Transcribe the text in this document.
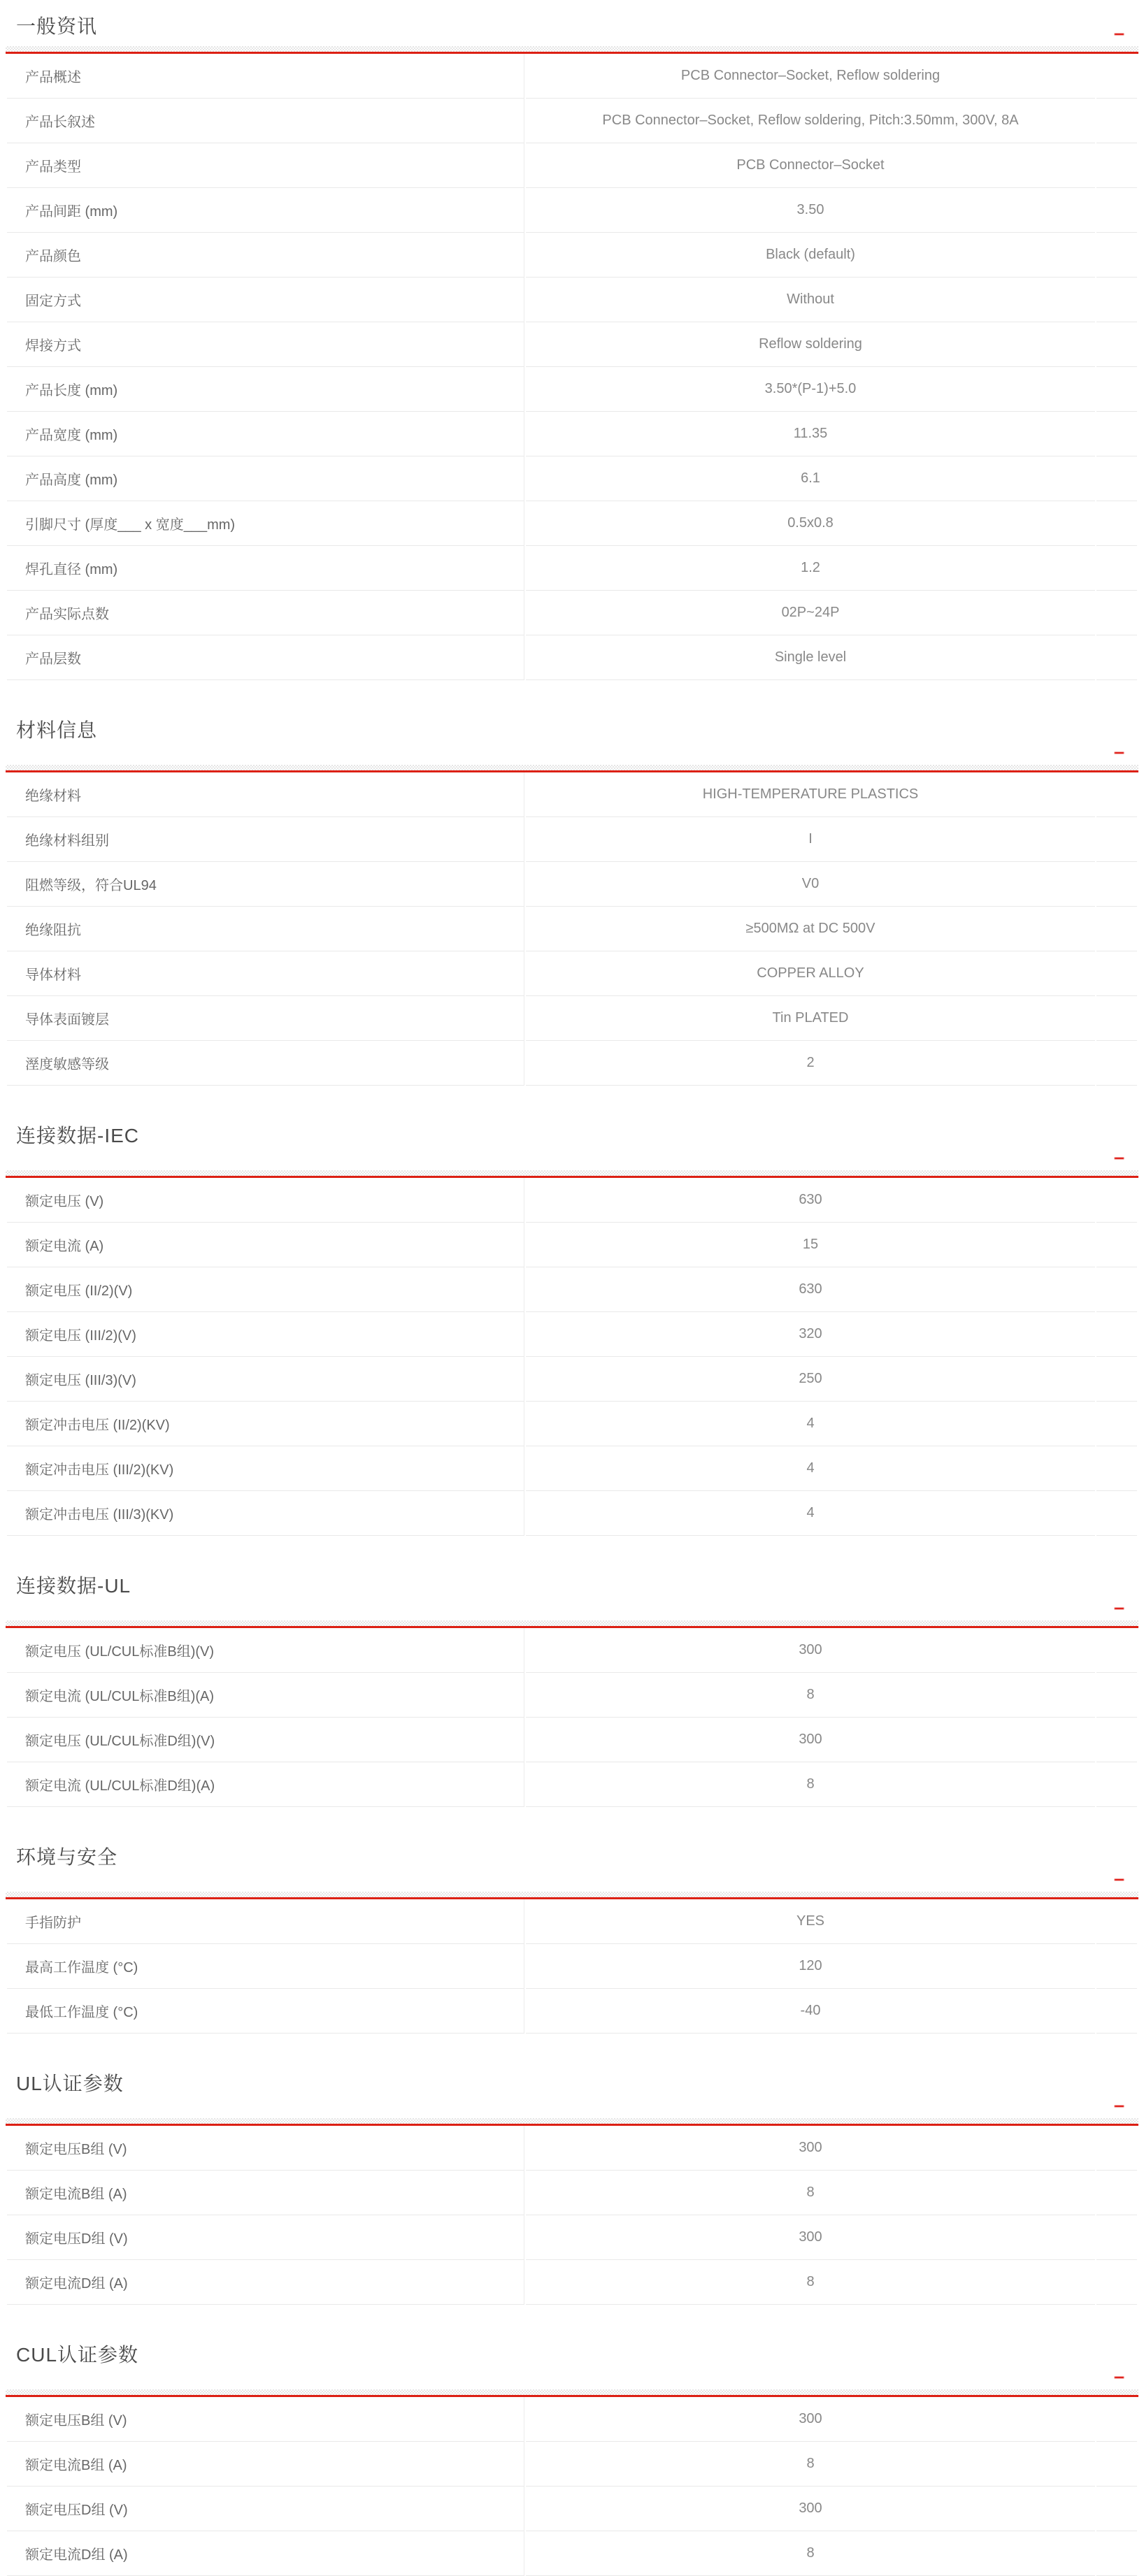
一般资讯
产品概述	PCB Connector–Socket, Reflow soldering	
产品长叙述	PCB Connector–Socket, Reflow soldering, Pitch:3.50mm, 300V, 8A	
产品类型	PCB Connector–Socket	
产品间距 (mm)	3.50	
产品颜色	Black (default)	
固定方式	Without	
焊接方式	Reflow soldering	
产品长度 (mm)	3.50*(P-1)+5.0	
产品宽度 (mm)	11.35	
产品高度 (mm)	6.1	
引脚尺寸 (厚度___ x 宽度___mm)	0.5x0.8	
焊孔直径 (mm)	1.2	
产品实际点数	02P~24P	
产品层数	Single level	
材料信息
绝缘材料	HIGH-TEMPERATURE PLASTICS	
绝缘材料组别	I	
阻燃等级，符合UL94	V0	
绝缘阻抗	≥500MΩ at DC 500V	
导体材料	COPPER ALLOY	
导体表面镀层	Tin PLATED	
溼度敏感等级	2	
连接数据-IEC
额定电压 (V)	630	
额定电流 (A)	15	
额定电压 (II/2)(V)	630	
额定电压 (III/2)(V)	320	
额定电压 (III/3)(V)	250	
额定冲击电压 (II/2)(KV)	4	
额定冲击电压 (III/2)(KV)	4	
额定冲击电压 (III/3)(KV)	4	
连接数据-UL
额定电压 (UL/CUL标准B组)(V)	300	
额定电流 (UL/CUL标准B组)(A)	8	
额定电压 (UL/CUL标准D组)(V)	300	
额定电流 (UL/CUL标准D组)(A)	8	
环境与安全
手指防护	YES	
最高工作温度 (°C)	120	
最低工作温度 (°C)	-40	
UL认证参数
额定电压B组 (V)	300	
额定电流B组 (A)	8	
额定电压D组 (V)	300	
额定电流D组 (A)	8	
CUL认证参数
额定电压B组 (V)	300	
额定电流B组 (A)	8	
额定电压D组 (V)	300	
额定电流D组 (A)	8	
